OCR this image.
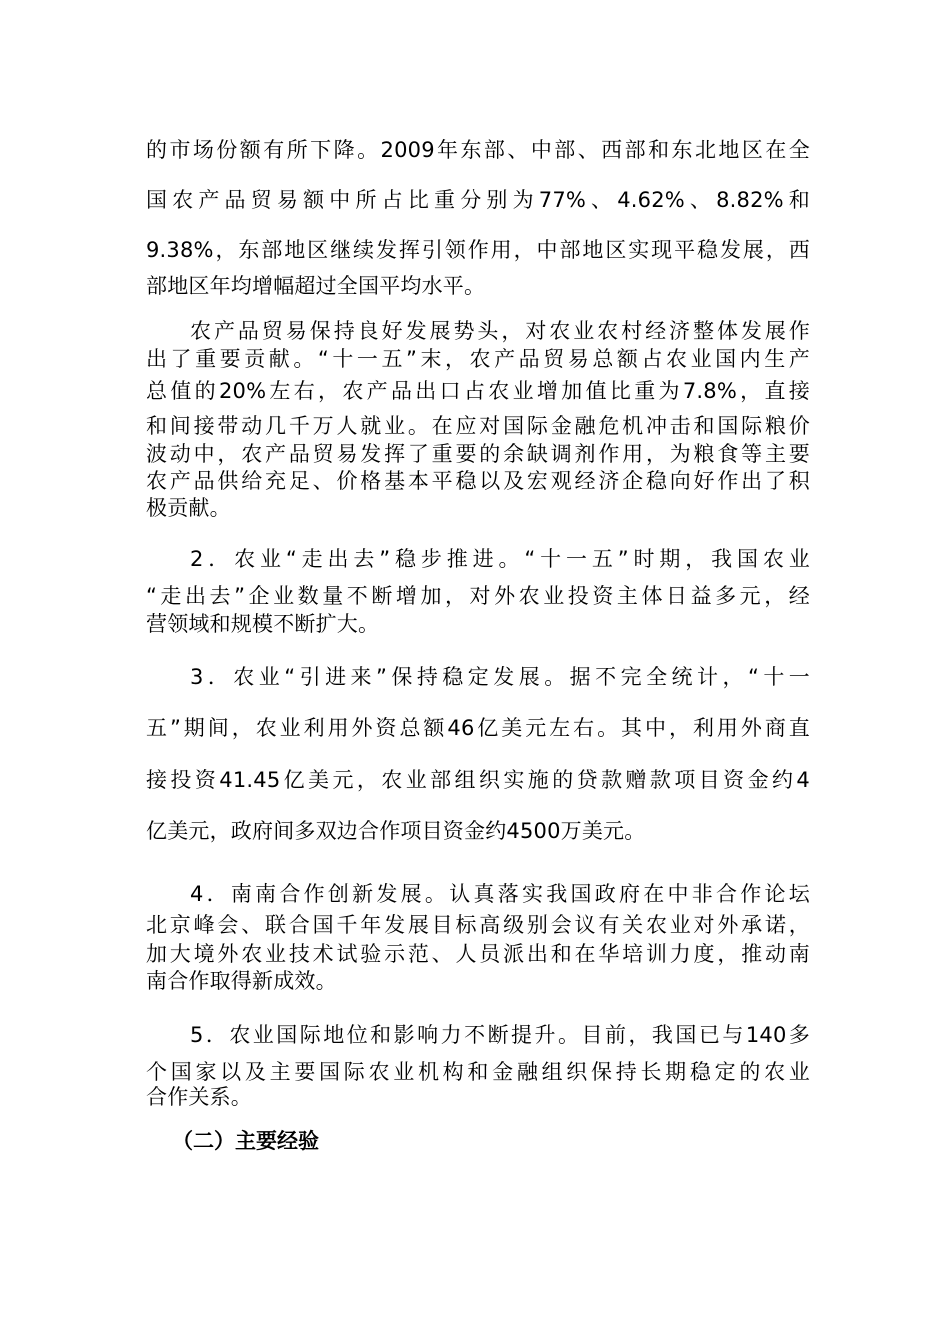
的市场份额有所下降。2009年东部、中部、西部和东北地区在全

国农产品贸易额中所占比重分别为77%、4.62%、8.82%和

9.38%，东部地区继续发挥引领作用，中部地区实现平稳发展，西

部地区年均增幅超过全国平均水平。

农产品贸易保持良好发展势头，对农业农村经济整体发展作

出了重要贡献。“十一五”末，农产品贸易总额占农业国内生产

总值的20%左右，农产品出口占农业增加值比重为7.8%，直接

和间接带动几千万人就业。在应对国际金融危机冲击和国际粮价

波动中，农产品贸易发挥了重要的余缺调剂作用，为粮食等主要

农产品供给充足、价格基本平稳以及宏观经济企稳向好作出了积

极贡献。

2．农业“走出去”稳步推进。“十一五”时期，我国农业

“走出去”企业数量不断增加，对外农业投资主体日益多元，经

营领域和规模不断扩大。

3．农业“引进来”保持稳定发展。据不完全统计，“十一

五”期间，农业利用外资总额46亿美元左右。其中，利用外商直

接投资41.45亿美元，农业部组织实施的贷款赠款项目资金约4

亿美元，政府间多双边合作项目资金约4500万美元。

4．南南合作创新发展。认真落实我国政府在中非合作论坛

北京峰会、联合国千年发展目标高级别会议有关农业对外承诺，

加大境外农业技术试验示范、人员派出和在华培训力度，推动南

南合作取得新成效。

5．农业国际地位和影响力不断提升。目前，我国已与140多

个国家以及主要国际农业机构和金融组织保持长期稳定的农业

合作关系。

（二）主要经验
